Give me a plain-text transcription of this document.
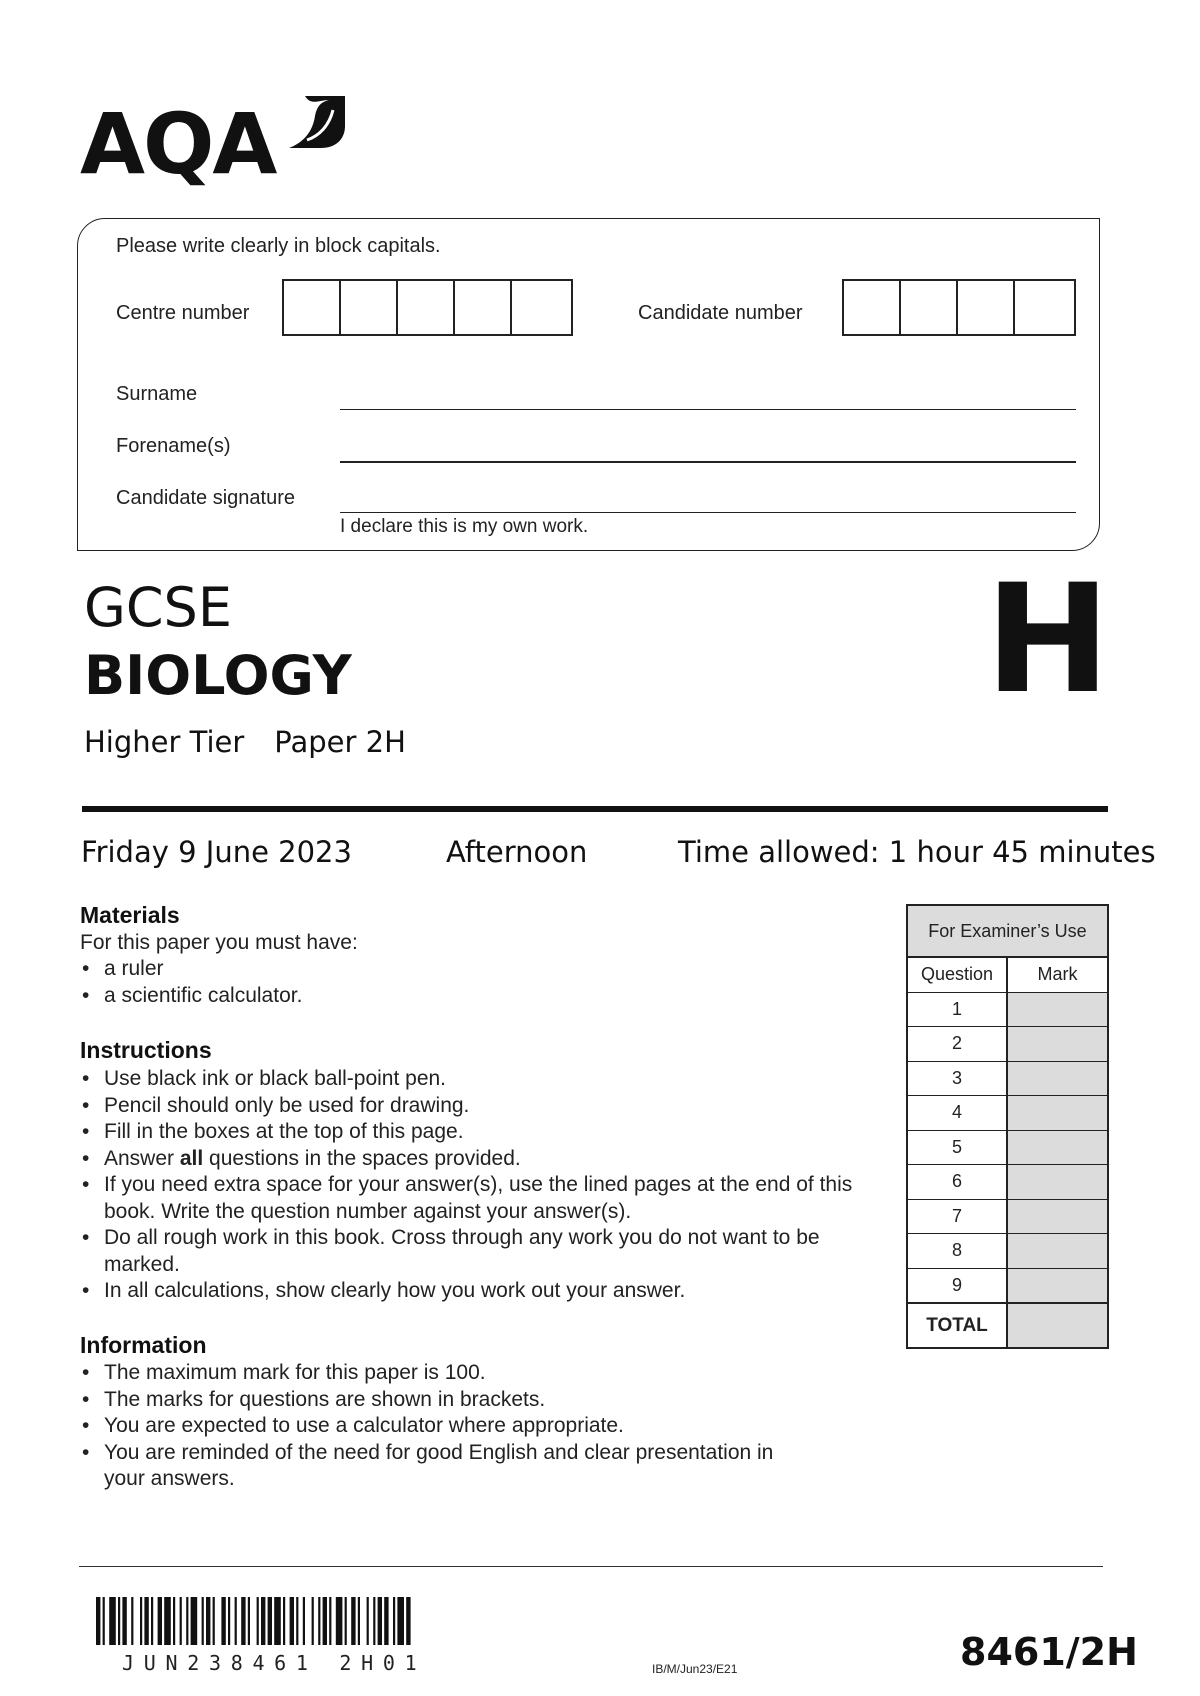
AQA
Please write clearly in block capitals.
Centre number	Candidate number
Surname
Forename(s)
Candidate signature
I declare this is my own work.
GCSE
BIOLOGY	H
Higher Tier Paper 2H
Friday 9 June 2023	Afternoon	Time allowed: 1 hour 45 minutes
Materials
For this paper you must have:
• a ruler
• a scientific calculator.
Instructions
• Use black ink or black ball-point pen.
• Pencil should only be used for drawing.
• Fill in the boxes at the top of this page.
• Answer all questions in the spaces provided.
• If you need extra space for your answer(s), use the lined pages at the end of this book. Write the question number against your answer(s).
• Do all rough work in this book. Cross through any work you do not want to be marked.
• In all calculations, show clearly how you work out your answer.
Information
• The maximum mark for this paper is 100.
• The marks for questions are shown in brackets.
• You are expected to use a calculator where appropriate.
• You are reminded of the need for good English and clear presentation in your answers.
For Examiner’s Use
Question	Mark
1
2
3
4
5
6
7
8
9
TOTAL
JUN238461 2H01	IB/M/Jun23/E21	8461/2H
